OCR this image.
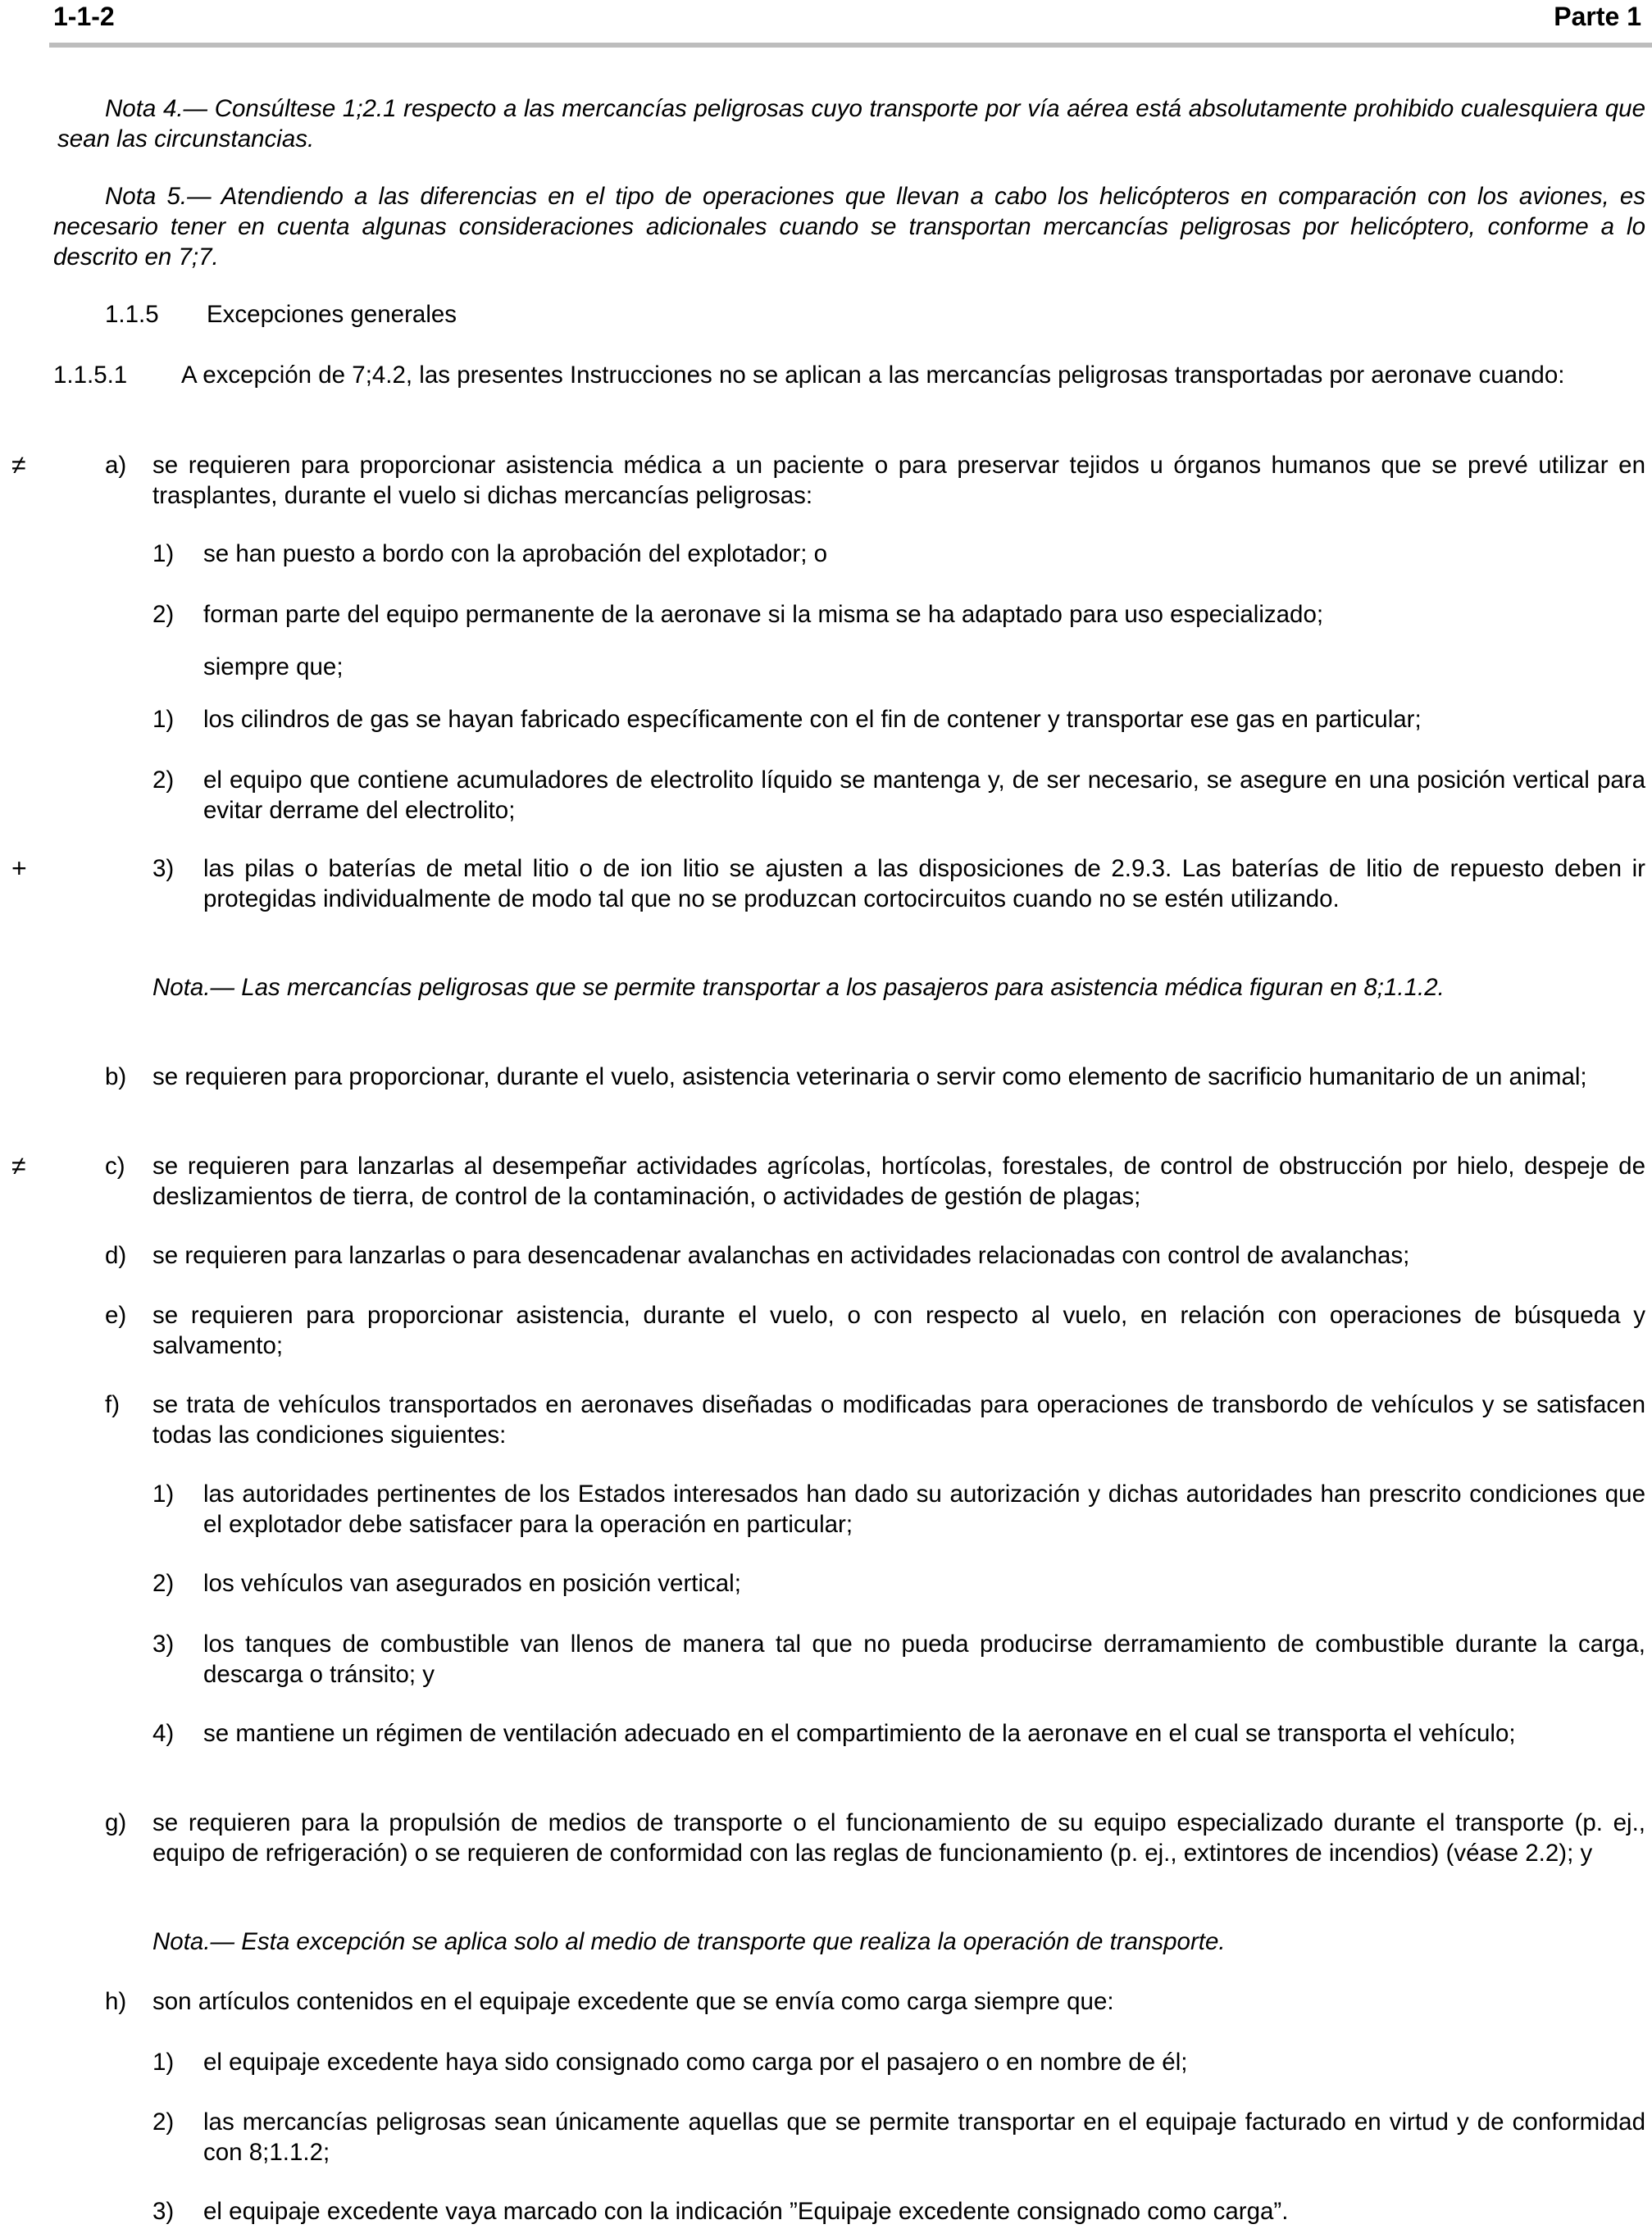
1-1-2	Parte 1

Nota 4.— Consúltese 1;2.1 respecto a las mercancías peligrosas cuyo transporte por vía aérea está absolutamente prohibido cualesquiera que sean las circunstancias.

Nota 5.— Atendiendo a las diferencias en el tipo de operaciones que llevan a cabo los helicópteros en comparación con los aviones, es necesario tener en cuenta algunas consideraciones adicionales cuando se transportan mercancías peligrosas por helicóptero, conforme a lo descrito en 7;7.

1.1.5 Excepciones generales
1.1.5.1	A excepción de 7;4.2, las presentes Instrucciones no se aplican a las mercancías peligrosas transportadas por aeronave cuando:

≠	a) se requieren para proporcionar asistencia médica a un paciente o para preservar tejidos u órganos humanos que se prevé utilizar en trasplantes, durante el vuelo si dichas mercancías peligrosas:

1) se han puesto a bordo con la aprobación del explotador; o

2) forman parte del equipo permanente de la aeronave si la misma se ha adaptado para uso especializado;

siempre que;
1) los cilindros de gas se hayan fabricado específicamente con el fin de contener y transportar ese gas en particular;

2) el equipo que contiene acumuladores de electrolito líquido se mantenga y, de ser necesario, se asegure en una posición vertical para evitar derrame del electrolito;

+	3) las pilas o baterías de metal litio o de ion litio se ajusten a las disposiciones de 2.9.3. Las baterías de litio de repuesto deben ir protegidas individualmente de modo tal que no se produzcan cortocircuitos cuando no se estén utilizando.

Nota.— Las mercancías peligrosas que se permite transportar a los pasajeros para asistencia médica figuran en 8;1.1.2.

b) se requieren para proporcionar, durante el vuelo, asistencia veterinaria o servir como elemento de sacrificio humanitario de un animal;

≠	c) se requieren para lanzarlas al desempeñar actividades agrícolas, hortícolas, forestales, de control de obstrucción por hielo, despeje de deslizamientos de tierra, de control de la contaminación, o actividades de gestión de plagas;

d) se requieren para lanzarlas o para desencadenar avalanchas en actividades relacionadas con control de avalanchas;

e) se requieren para proporcionar asistencia, durante el vuelo, o con respecto al vuelo, en relación con operaciones de búsqueda y salvamento;

f) se trata de vehículos transportados en aeronaves diseñadas o modificadas para operaciones de transbordo de vehículos y se satisfacen todas las condiciones siguientes:

1) las autoridades pertinentes de los Estados interesados han dado su autorización y dichas autoridades han prescrito condiciones que el explotador debe satisfacer para la operación en particular;

2) los vehículos van asegurados en posición vertical;

3) los tanques de combustible van llenos de manera tal que no pueda producirse derramamiento de combustible durante la carga, descarga o tránsito; y

4) se mantiene un régimen de ventilación adecuado en el compartimiento de la aeronave en el cual se transporta el vehículo;

g) se requieren para la propulsión de medios de transporte o el funcionamiento de su equipo especializado durante el transporte (p. ej., equipo de refrigeración) o se requieren de conformidad con las reglas de funcionamiento (p. ej., extintores de incendios) (véase 2.2); y

Nota.— Esta excepción se aplica solo al medio de transporte que realiza la operación de transporte.

h) son artículos contenidos en el equipaje excedente que se envía como carga siempre que:

1) el equipaje excedente haya sido consignado como carga por el pasajero o en nombre de él;

2) las mercancías peligrosas sean únicamente aquellas que se permite transportar en el equipaje facturado en virtud y de conformidad con 8;1.1.2;

3) el equipaje excedente vaya marcado con la indicación ”Equipaje excedente consignado como carga”.
